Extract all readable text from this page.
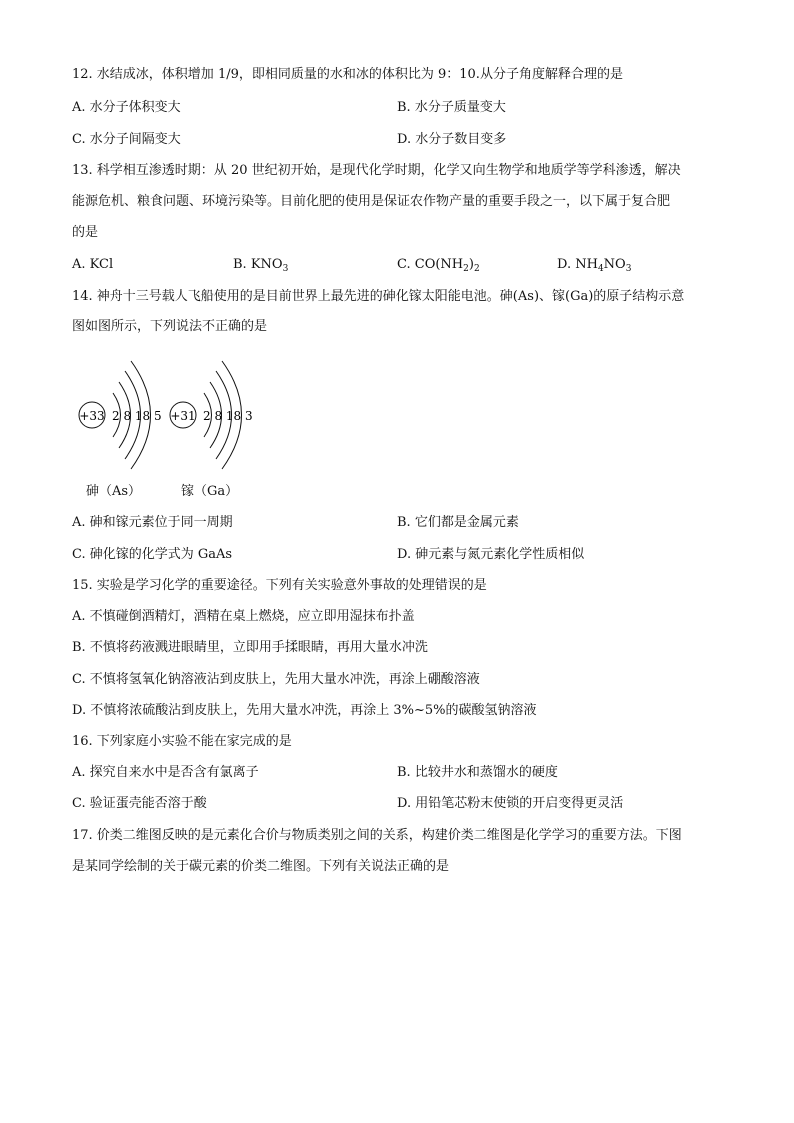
12. 水结成冰，体积增加 1/9，即相同质量的水和冰的体积比为 9：10.从分子角度解释合理的是
A. 水分子体积变大	B. 水分子质量变大
C. 水分子间隔变大	D. 水分子数目变多
13. 科学相互渗透时期：从 20 世纪初开始，是现代化学时期，化学又向生物学和地质学等学科渗透，解决
能源危机、粮食问题、环境污染等。目前化肥的使用是保证农作物产量的重要手段之一，以下属于复合肥
的是
A. KCl	B. $KNO_3$	C. $CO(NH_2)_2$	D. $NH_4NO_3$
14. 神舟十三号载人飞船使用的是目前世界上最先进的砷化镓太阳能电池。砷(As)、镓(Ga)的原子结构示意
图如图所示，下列说法不正确的是
+33 2 8 18 5 +31 2 8 18 3
砷（As）	镓（Ga）
A. 砷和镓元素位于同一周期	B. 它们都是金属元素
C. 砷化镓的化学式为 GaAs	D. 砷元素与氮元素化学性质相似
15. 实验是学习化学的重要途径。下列有关实验意外事故的处理错误的是
A. 不慎碰倒酒精灯，酒精在桌上燃烧，应立即用湿抹布扑盖
B. 不慎将药液溅进眼睛里，立即用手揉眼睛，再用大量水冲洗
C. 不慎将氢氧化钠溶液沾到皮肤上，先用大量水冲洗，再涂上硼酸溶液
D. 不慎将浓硫酸沾到皮肤上，先用大量水冲洗，再涂上 3%~5%的碳酸氢钠溶液
16. 下列家庭小实验不能在家完成的是
A. 探究自来水中是否含有氯离子	B. 比较井水和蒸馏水的硬度
C. 验证蛋壳能否溶于酸	D. 用铅笔芯粉末使锁的开启变得更灵活
17. 价类二维图反映的是元素化合价与物质类别之间的关系，构建价类二维图是化学学习的重要方法。下图
是某同学绘制的关于碳元素的价类二维图。下列有关说法正确的是
